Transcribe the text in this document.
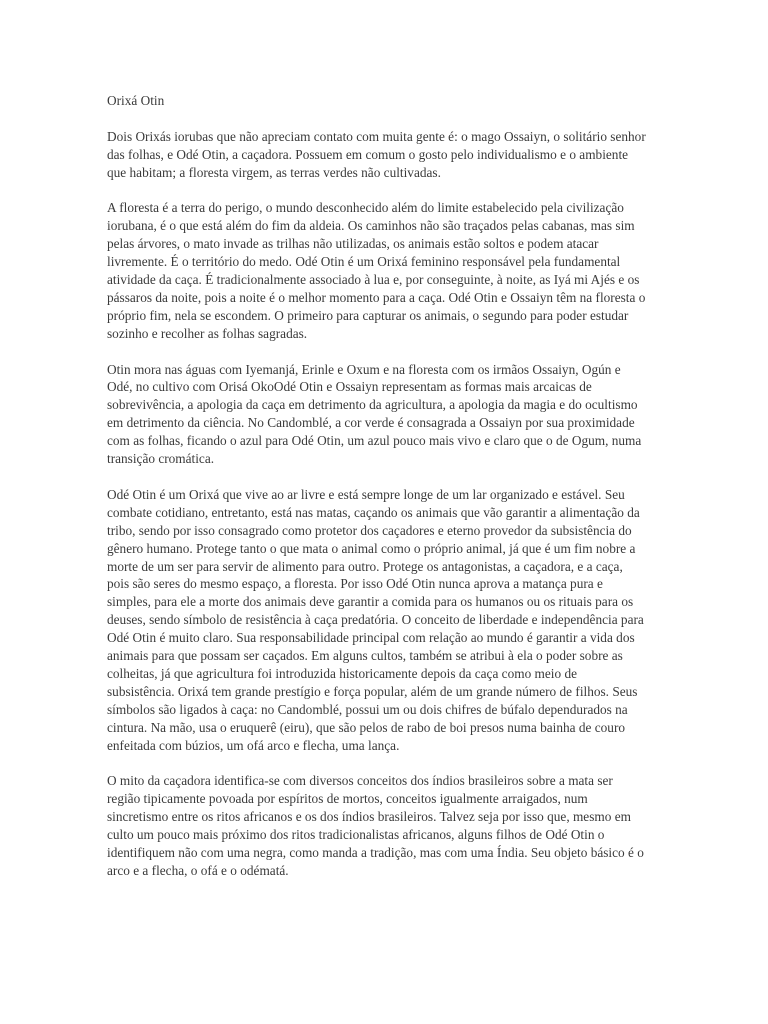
Orixá Otin

Dois Orixás iorubas que não apreciam contato com muita gente é: o mago Ossaiyn, o solitário senhor das folhas, e Odé Otin, a caçadora. Possuem em comum o gosto pelo individualismo e o ambiente que habitam; a floresta virgem, as terras verdes não cultivadas.

A floresta é a terra do perigo, o mundo desconhecido além do limite estabelecido pela civilização iorubana, é o que está além do fim da aldeia. Os caminhos não são traçados pelas cabanas, mas sim pelas árvores, o mato invade as trilhas não utilizadas, os animais estão soltos e podem atacar livremente. É o território do medo. Odé Otin é um Orixá feminino responsável pela fundamental atividade da caça. É tradicionalmente associado à lua e, por conseguinte, à noite, as Iyá mi Ajés e os pássaros da noite, pois a noite é o melhor momento para a caça. Odé Otin e Ossaiyn têm na floresta o próprio fim, nela se escondem. O primeiro para capturar os animais, o segundo para poder estudar sozinho e recolher as folhas sagradas.

Otin mora nas águas com Iyemanjá, Erinle e Oxum e na floresta com os irmãos Ossaiyn, Ogún e Odé, no cultivo com Orisá OkoOdé Otin e Ossaiyn representam as formas mais arcaicas de sobrevivência, a apologia da caça em detrimento da agricultura, a apologia da magia e do ocultismo em detrimento da ciência. No Candomblé, a cor verde é consagrada a Ossaiyn por sua proximidade com as folhas, ficando o azul para Odé Otin, um azul pouco mais vivo e claro que o de Ogum, numa transição cromática.

Odé Otin é um Orixá que vive ao ar livre e está sempre longe de um lar organizado e estável. Seu combate cotidiano, entretanto, está nas matas, caçando os animais que vão garantir a alimentação da tribo, sendo por isso consagrado como protetor dos caçadores e eterno provedor da subsistência do gênero humano. Protege tanto o que mata o animal como o próprio animal, já que é um fim nobre a morte de um ser para servir de alimento para outro. Protege os antagonistas, a caçadora, e a caça, pois são seres do mesmo espaço, a floresta. Por isso Odé Otin nunca aprova a matança pura e simples, para ele a morte dos animais deve garantir a comida para os humanos ou os rituais para os deuses, sendo símbolo de resistência à caça predatória. O conceito de liberdade e independência para Odé Otin é muito claro. Sua responsabilidade principal com relação ao mundo é garantir a vida dos animais para que possam ser caçados. Em alguns cultos, também se atribui à ela o poder sobre as colheitas, já que agricultura foi introduzida historicamente depois da caça como meio de subsistência. Orixá tem grande prestígio e força popular, além de um grande número de filhos. Seus símbolos são ligados à caça: no Candomblé, possui um ou dois chifres de búfalo dependurados na cintura. Na mão, usa o eruquerê (eiru), que são pelos de rabo de boi presos numa bainha de couro enfeitada com búzios, um ofá arco e flecha, uma lança.

O mito da caçadora identifica-se com diversos conceitos dos índios brasileiros sobre a mata ser região tipicamente povoada por espíritos de mortos, conceitos igualmente arraigados, num sincretismo entre os ritos africanos e os dos índios brasileiros. Talvez seja por isso que, mesmo em culto um pouco mais próximo dos ritos tradicionalistas africanos, alguns filhos de Odé Otin o identifiquem não com uma negra, como manda a tradição, mas com uma Índia. Seu objeto básico é o arco e a flecha, o ofá e o odématá.
